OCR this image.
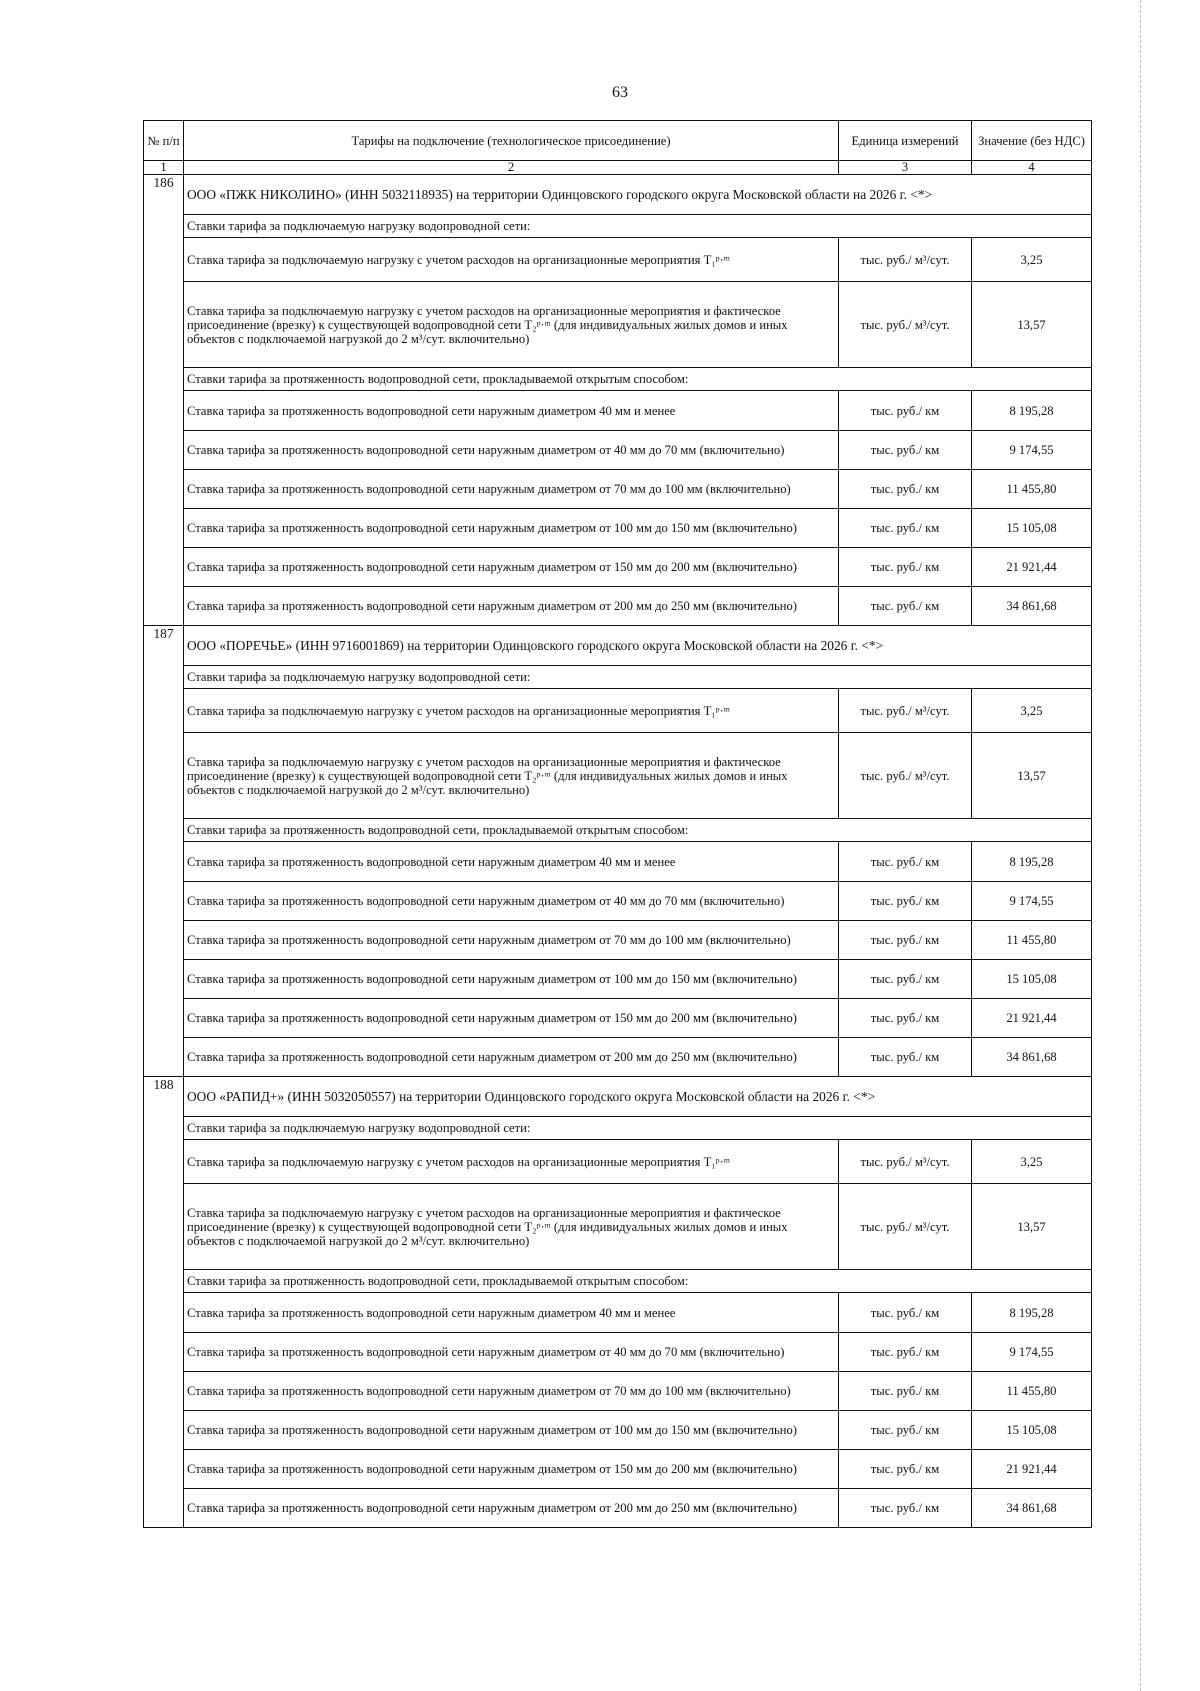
63
№ п/п	Тарифы на подключение (технологическое присоединение)	Единица измерений	Значение (без НДС)
1	2	3	4
186	ООО «ПЖК НИКОЛИНО» (ИНН 5032118935) на территории Одинцовского городского округа Московской области на 2026 г. <*>		
	Ставки тарифа за подключаемую нагрузку водопроводной сети:		
	Ставка тарифа за подключаемую нагрузку с учетом расходов на организационные мероприятия T₁ᵖ·ᵐ	тыс. руб./ м³/сут.	3,25
	Ставка тарифа за подключаемую нагрузку с учетом расходов на организационные мероприятия и фактическое присоединение (врезку) к существующей водопроводной сети T₂ᵖ·ᵐ (для индивидуальных жилых домов и иных объектов с подключаемой нагрузкой до 2 м³/сут. включительно)	тыс. руб./ м³/сут.	13,57
	Ставки тарифа за протяженность водопроводной сети, прокладываемой открытым способом:		
	Ставка тарифа за протяженность водопроводной сети наружным диаметром 40 мм и менее	тыс. руб./ км	8 195,28
	Ставка тарифа за протяженность водопроводной сети наружным диаметром от 40 мм до 70 мм (включительно)	тыс. руб./ км	9 174,55
	Ставка тарифа за протяженность водопроводной сети наружным диаметром от 70 мм до 100 мм (включительно)	тыс. руб./ км	11 455,80
	Ставка тарифа за протяженность водопроводной сети наружным диаметром от 100 мм до 150 мм (включительно)	тыс. руб./ км	15 105,08
	Ставка тарифа за протяженность водопроводной сети наружным диаметром от 150 мм до 200 мм (включительно)	тыс. руб./ км	21 921,44
	Ставка тарифа за протяженность водопроводной сети наружным диаметром от 200 мм до 250 мм (включительно)	тыс. руб./ км	34 861,68
187	ООО «ПОРЕЧЬЕ» (ИНН 9716001869) на территории Одинцовского городского округа Московской области на 2026 г. <*>		
	Ставки тарифа за подключаемую нагрузку водопроводной сети:		
	Ставка тарифа за подключаемую нагрузку с учетом расходов на организационные мероприятия T₁ᵖ·ᵐ	тыс. руб./ м³/сут.	3,25
	Ставка тарифа за подключаемую нагрузку с учетом расходов на организационные мероприятия и фактическое присоединение (врезку) к существующей водопроводной сети T₂ᵖ·ᵐ (для индивидуальных жилых домов и иных объектов с подключаемой нагрузкой до 2 м³/сут. включительно)	тыс. руб./ м³/сут.	13,57
	Ставки тарифа за протяженность водопроводной сети, прокладываемой открытым способом:		
	Ставка тарифа за протяженность водопроводной сети наружным диаметром 40 мм и менее	тыс. руб./ км	8 195,28
	Ставка тарифа за протяженность водопроводной сети наружным диаметром от 40 мм до 70 мм (включительно)	тыс. руб./ км	9 174,55
	Ставка тарифа за протяженность водопроводной сети наружным диаметром от 70 мм до 100 мм (включительно)	тыс. руб./ км	11 455,80
	Ставка тарифа за протяженность водопроводной сети наружным диаметром от 100 мм до 150 мм (включительно)	тыс. руб./ км	15 105,08
	Ставка тарифа за протяженность водопроводной сети наружным диаметром от 150 мм до 200 мм (включительно)	тыс. руб./ км	21 921,44
	Ставка тарифа за протяженность водопроводной сети наружным диаметром от 200 мм до 250 мм (включительно)	тыс. руб./ км	34 861,68
188	ООО «РАПИД+» (ИНН 5032050557) на территории Одинцовского городского округа Московской области на 2026 г. <*>		
	Ставки тарифа за подключаемую нагрузку водопроводной сети:		
	Ставка тарифа за подключаемую нагрузку с учетом расходов на организационные мероприятия T₁ᵖ·ᵐ	тыс. руб./ м³/сут.	3,25
	Ставка тарифа за подключаемую нагрузку с учетом расходов на организационные мероприятия и фактическое присоединение (врезку) к существующей водопроводной сети T₂ᵖ·ᵐ (для индивидуальных жилых домов и иных объектов с подключаемой нагрузкой до 2 м³/сут. включительно)	тыс. руб./ м³/сут.	13,57
	Ставки тарифа за протяженность водопроводной сети, прокладываемой открытым способом:		
	Ставка тарифа за протяженность водопроводной сети наружным диаметром 40 мм и менее	тыс. руб./ км	8 195,28
	Ставка тарифа за протяженность водопроводной сети наружным диаметром от 40 мм до 70 мм (включительно)	тыс. руб./ км	9 174,55
	Ставка тарифа за протяженность водопроводной сети наружным диаметром от 70 мм до 100 мм (включительно)	тыс. руб./ км	11 455,80
	Ставка тарифа за протяженность водопроводной сети наружным диаметром от 100 мм до 150 мм (включительно)	тыс. руб./ км	15 105,08
	Ставка тарифа за протяженность водопроводной сети наружным диаметром от 150 мм до 200 мм (включительно)	тыс. руб./ км	21 921,44
	Ставка тарифа за протяженность водопроводной сети наружным диаметром от 200 мм до 250 мм (включительно)	тыс. руб./ км	34 861,68
